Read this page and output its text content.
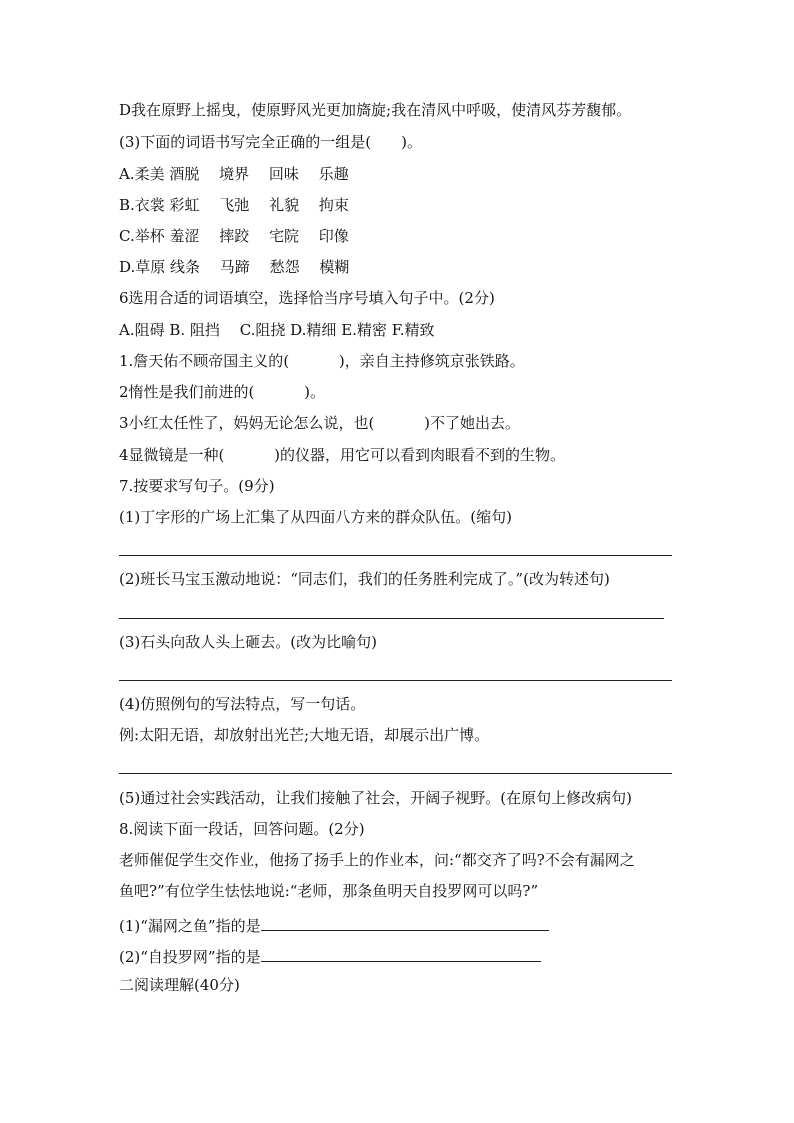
D我在原野上摇曳，使原野风光更加旖旋;我在清风中呼吸，使清风芬芳馥郁。
(3)下面的词语书写完全正确的一组是(　　)。
A.柔美 酒脱　 境界　 回味　 乐趣
B.衣裳 彩虹　 飞弛　 礼貌　 拘束
C.举杯 羞涩　 摔跤　 宅院　 印像
D.草原 线条　 马蹄　 愁怨　 模糊
6选用合适的词语填空，选择恰当序号填入句子中。(2分)
A.阻碍 B. 阻挡　 C.阻挠 D.精细 E.精密 F.精致
1.詹天佑不顾帝国主义的(　　　 )，亲自主持修筑京张铁路。
2惰性是我们前进的(　　　 )。
3小红太任性了，妈妈无论怎么说，也(　　　 )不了她出去。
4显微镜是一种(　　　 )的仪器，用它可以看到肉眼看不到的生物。
7.按要求写句子。(9分)
(1)丁字形的广场上汇集了从四面八方来的群众队伍。(缩句)
(2)班长马宝玉激动地说：“同志们，我们的任务胜利完成了。”(改为转述句)
(3)石头向敌人头上砸去。(改为比喻句)
(4)仿照例句的写法特点，写一句话。
例:太阳无语，却放射出光芒;大地无语，却展示出广博。
(5)通过社会实践活动，让我们接触了社会，开阔子视野。(在原句上修改病句)
8.阅读下面一段话，回答问题。(2分)
老师催促学生交作业，他扬了扬手上的作业本，问:“都交齐了吗?不会有漏网之
鱼吧?”有位学生怯怯地说:“老师，那条鱼明天自投罗网可以吗?”
(1)“漏网之鱼”指的是
(2)“自投罗网”指的是
二阅读理解(40分)
